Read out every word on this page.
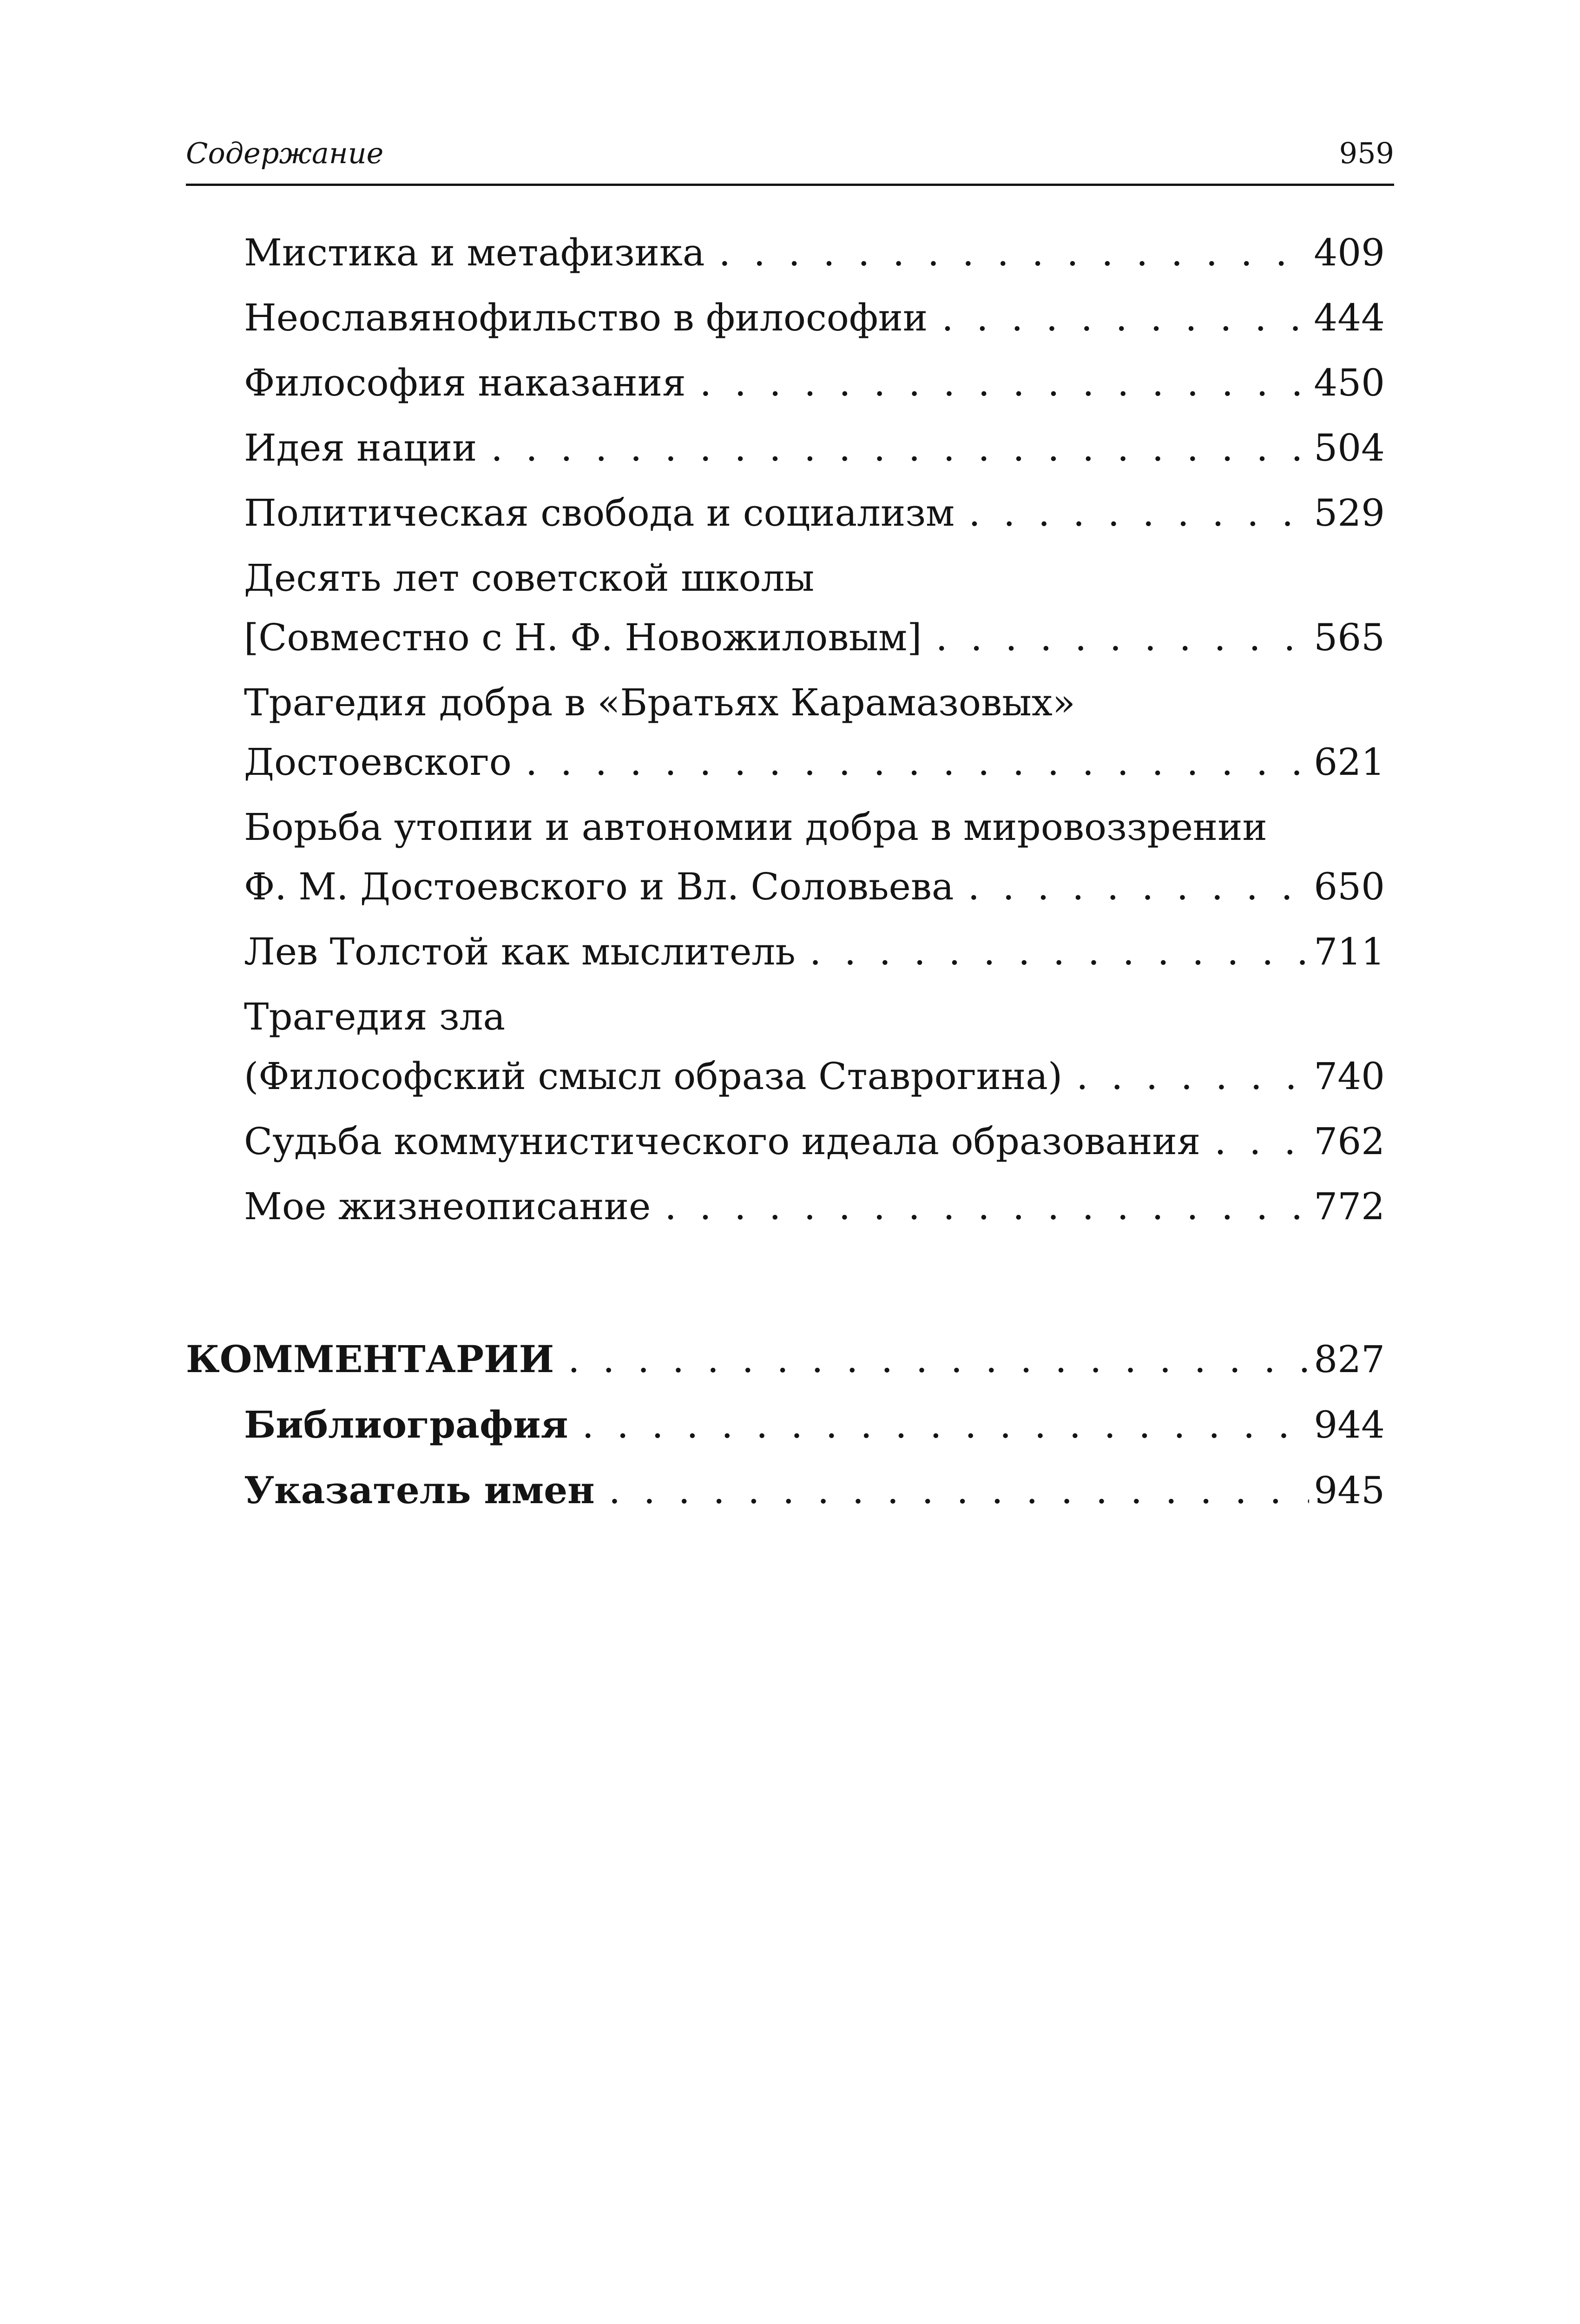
Содержание	959
Мистика и метафизика . . .	409
Неославянофильство в философии . . .	444
Философия наказания . . .	450
Идея нации . . .	504
Политическая свобода и социализм . . .	529
Десять лет советской школы
[Совместно с Н. Ф. Новожиловым] . . .	565
Трагедия добра в «Братьях Карамазовых»
Достоевского . . .	621
Борьба утопии и автономии добра в мировоззрении
Ф. М. Достоевского и Вл. Соловьева . . .	650
Лев Толстой как мыслитель . . .	711
Трагедия зла
(Философский смысл образа Ставрогина) . . .	740
Судьба коммунистического идеала образования . . .	762
Мое жизнеописание . . .	772
КОММЕНТАРИИ . . .	827
Библиография . . .	944
Указатель имен . . .	945
